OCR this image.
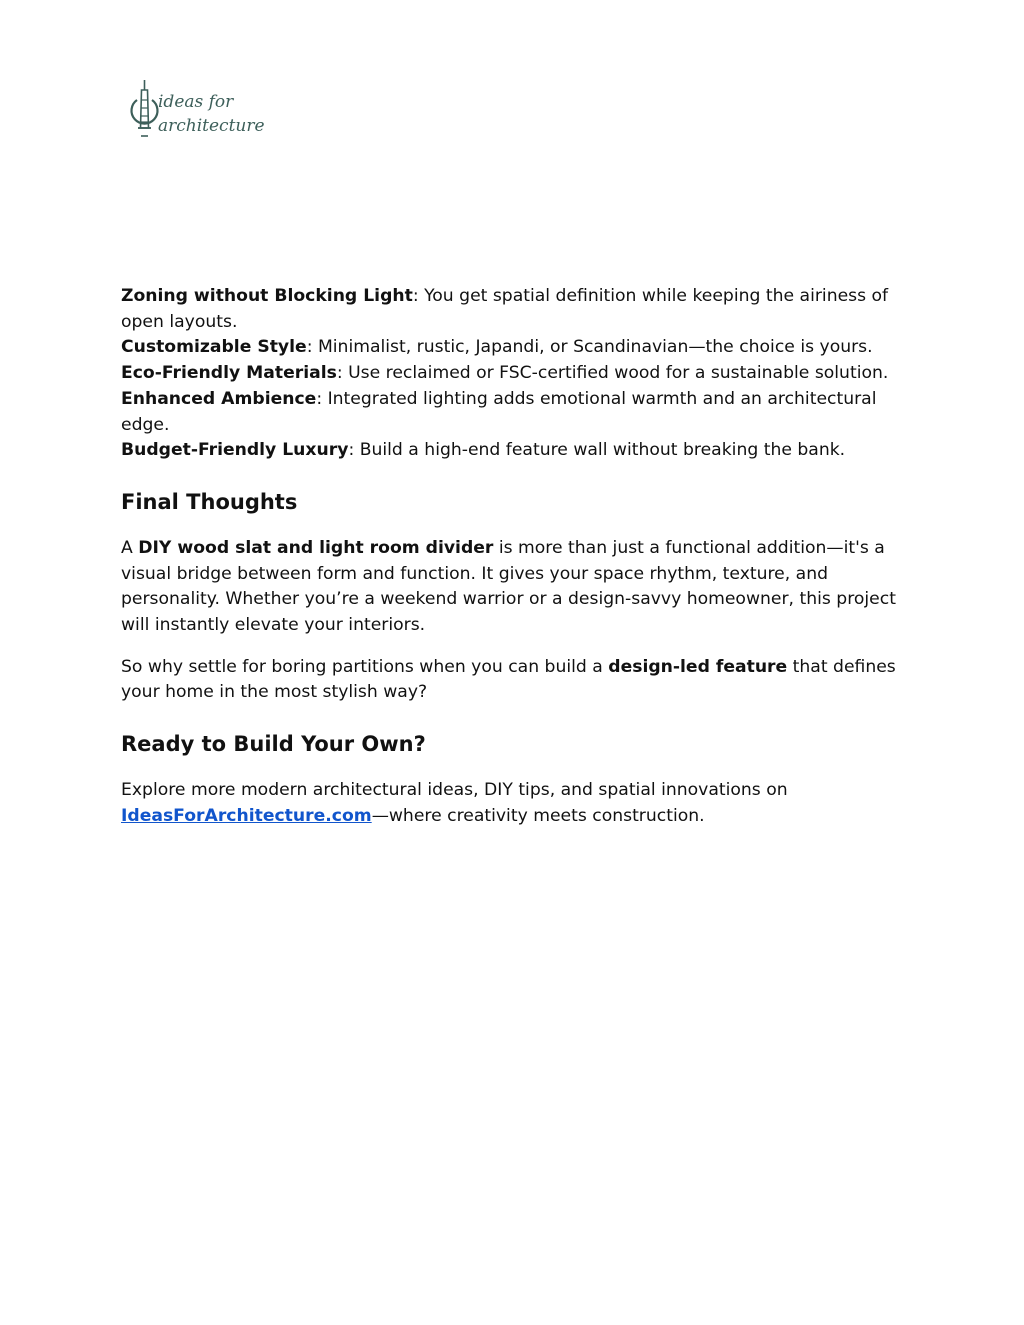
ideas for
architecture

Zoning without Blocking Light: You get spatial definition while keeping the airiness of open layouts.

Customizable Style: Minimalist, rustic, Japandi, or Scandinavian—the choice is yours.

Eco-Friendly Materials: Use reclaimed or FSC-certified wood for a sustainable solution.

Enhanced Ambience: Integrated lighting adds emotional warmth and an architectural edge.

Budget-Friendly Luxury: Build a high-end feature wall without breaking the bank.

Final Thoughts

A DIY wood slat and light room divider is more than just a functional addition—it's a visual bridge between form and function. It gives your space rhythm, texture, and personality. Whether you’re a weekend warrior or a design-savvy homeowner, this project will instantly elevate your interiors.

So why settle for boring partitions when you can build a design-led feature that defines your home in the most stylish way?

Ready to Build Your Own?

Explore more modern architectural ideas, DIY tips, and spatial innovations on IdeasForArchitecture.com—where creativity meets construction.
